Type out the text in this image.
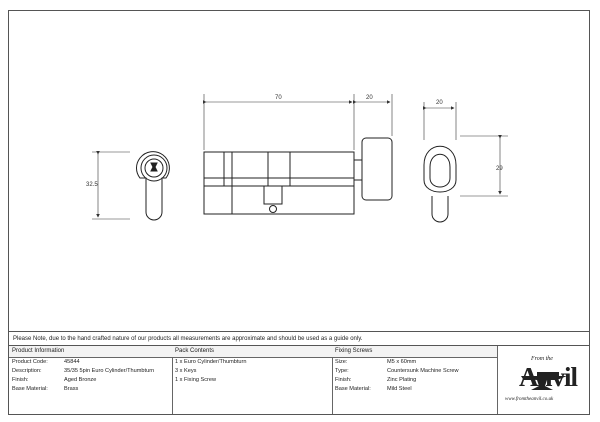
32.5
70	20
20
29
Please Note, due to the hand crafted nature of our products all measurements are approximate and should be used as a guide only.
Product Information
Product Code:	45844
Description:	35/35 5pin Euro Cylinder/Thumbturn
Finish:	Aged Bronze
Base Material:	Brass
Pack Contents
1 x Euro Cylinder/Thumbturn
3 x Keys
1 x Fixing Screw
Fixing Screws
Size:	M5 x 60mm
Type:	Countersunk Machine Screw
Finish:	Zinc Plating
Base Material:	Mild Steel
From the
Anvil
www.fromtheanvil.co.uk
